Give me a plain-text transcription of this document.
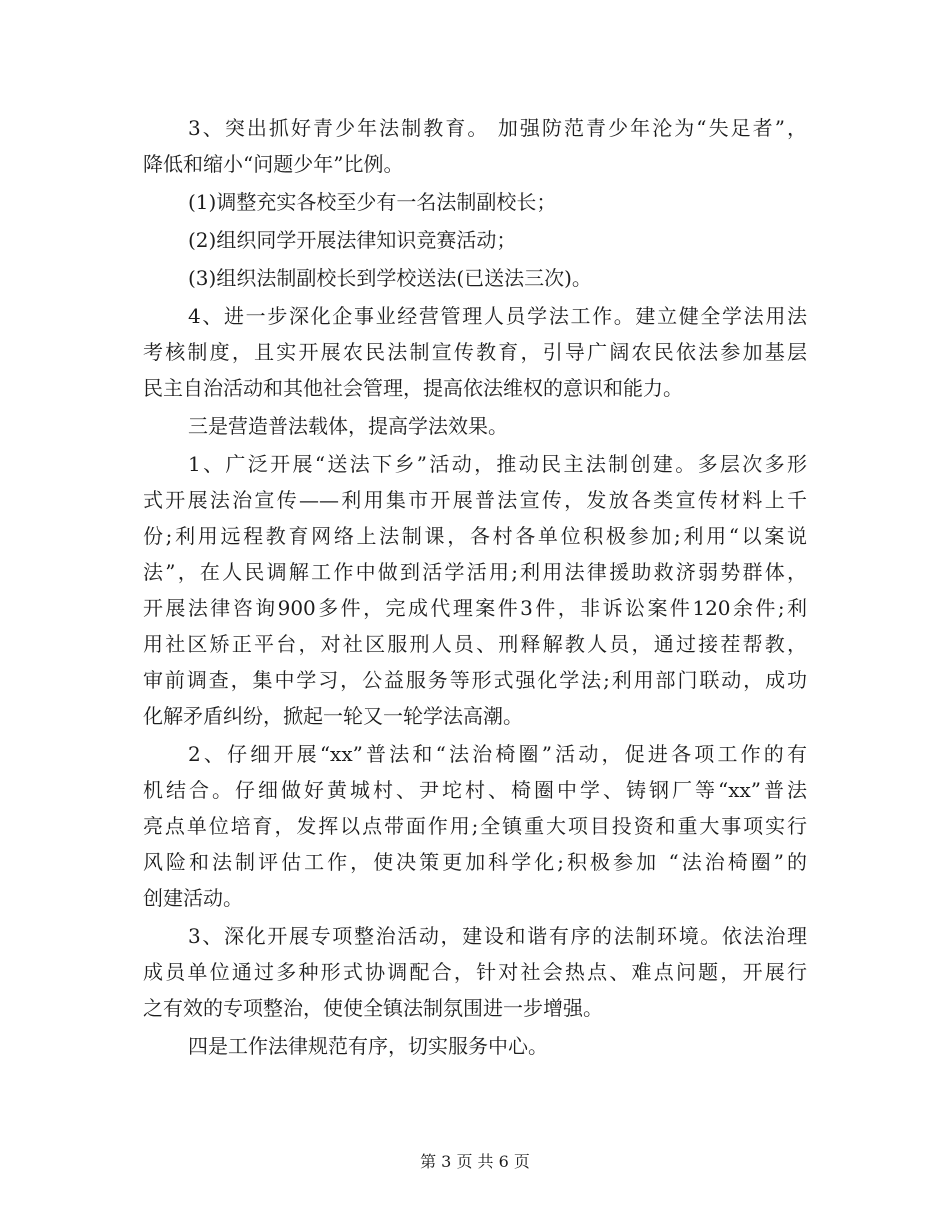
3、突出抓好青少年法制教育。 加强防范青少年沦为“失足者”，
降低和缩小“问题少年”比例。
(1)调整充实各校至少有一名法制副校长；
(2)组织同学开展法律知识竞赛活动；
(3)组织法制副校长到学校送法(已送法三次)。
4、进一步深化企事业经营管理人员学法工作。建立健全学法用法
考核制度，且实开展农民法制宣传教育，引导广阔农民依法参加基层
民主自治活动和其他社会管理，提高依法维权的意识和能力。
三是营造普法载体，提高学法效果。
1、广泛开展“送法下乡”活动，推动民主法制创建。多层次多形
式开展法治宣传——利用集市开展普法宣传，发放各类宣传材料上千
份;利用远程教育网络上法制课，各村各单位积极参加;利用“以案说
法”，在人民调解工作中做到活学活用;利用法律援助救济弱势群体，
开展法律咨询900多件，完成代理案件3件，非诉讼案件120余件;利
用社区矫正平台，对社区服刑人员、刑释解教人员，通过接茬帮教，
审前调查，集中学习，公益服务等形式强化学法;利用部门联动，成功
化解矛盾纠纷，掀起一轮又一轮学法高潮。
2、仔细开展“xx”普法和“法治椅圈”活动，促进各项工作的有
机结合。仔细做好黄城村、尹坨村、椅圈中学、铸钢厂等“xx”普法
亮点单位培育，发挥以点带面作用;全镇重大项目投资和重大事项实行
风险和法制评估工作，使决策更加科学化;积极参加 “法治椅圈”的
创建活动。
3、深化开展专项整治活动，建设和谐有序的法制环境。依法治理
成员单位通过多种形式协调配合，针对社会热点、难点问题，开展行
之有效的专项整治，使使全镇法制氛围进一步增强。
四是工作法律规范有序，切实服务中心。
第 3 页 共 6 页
